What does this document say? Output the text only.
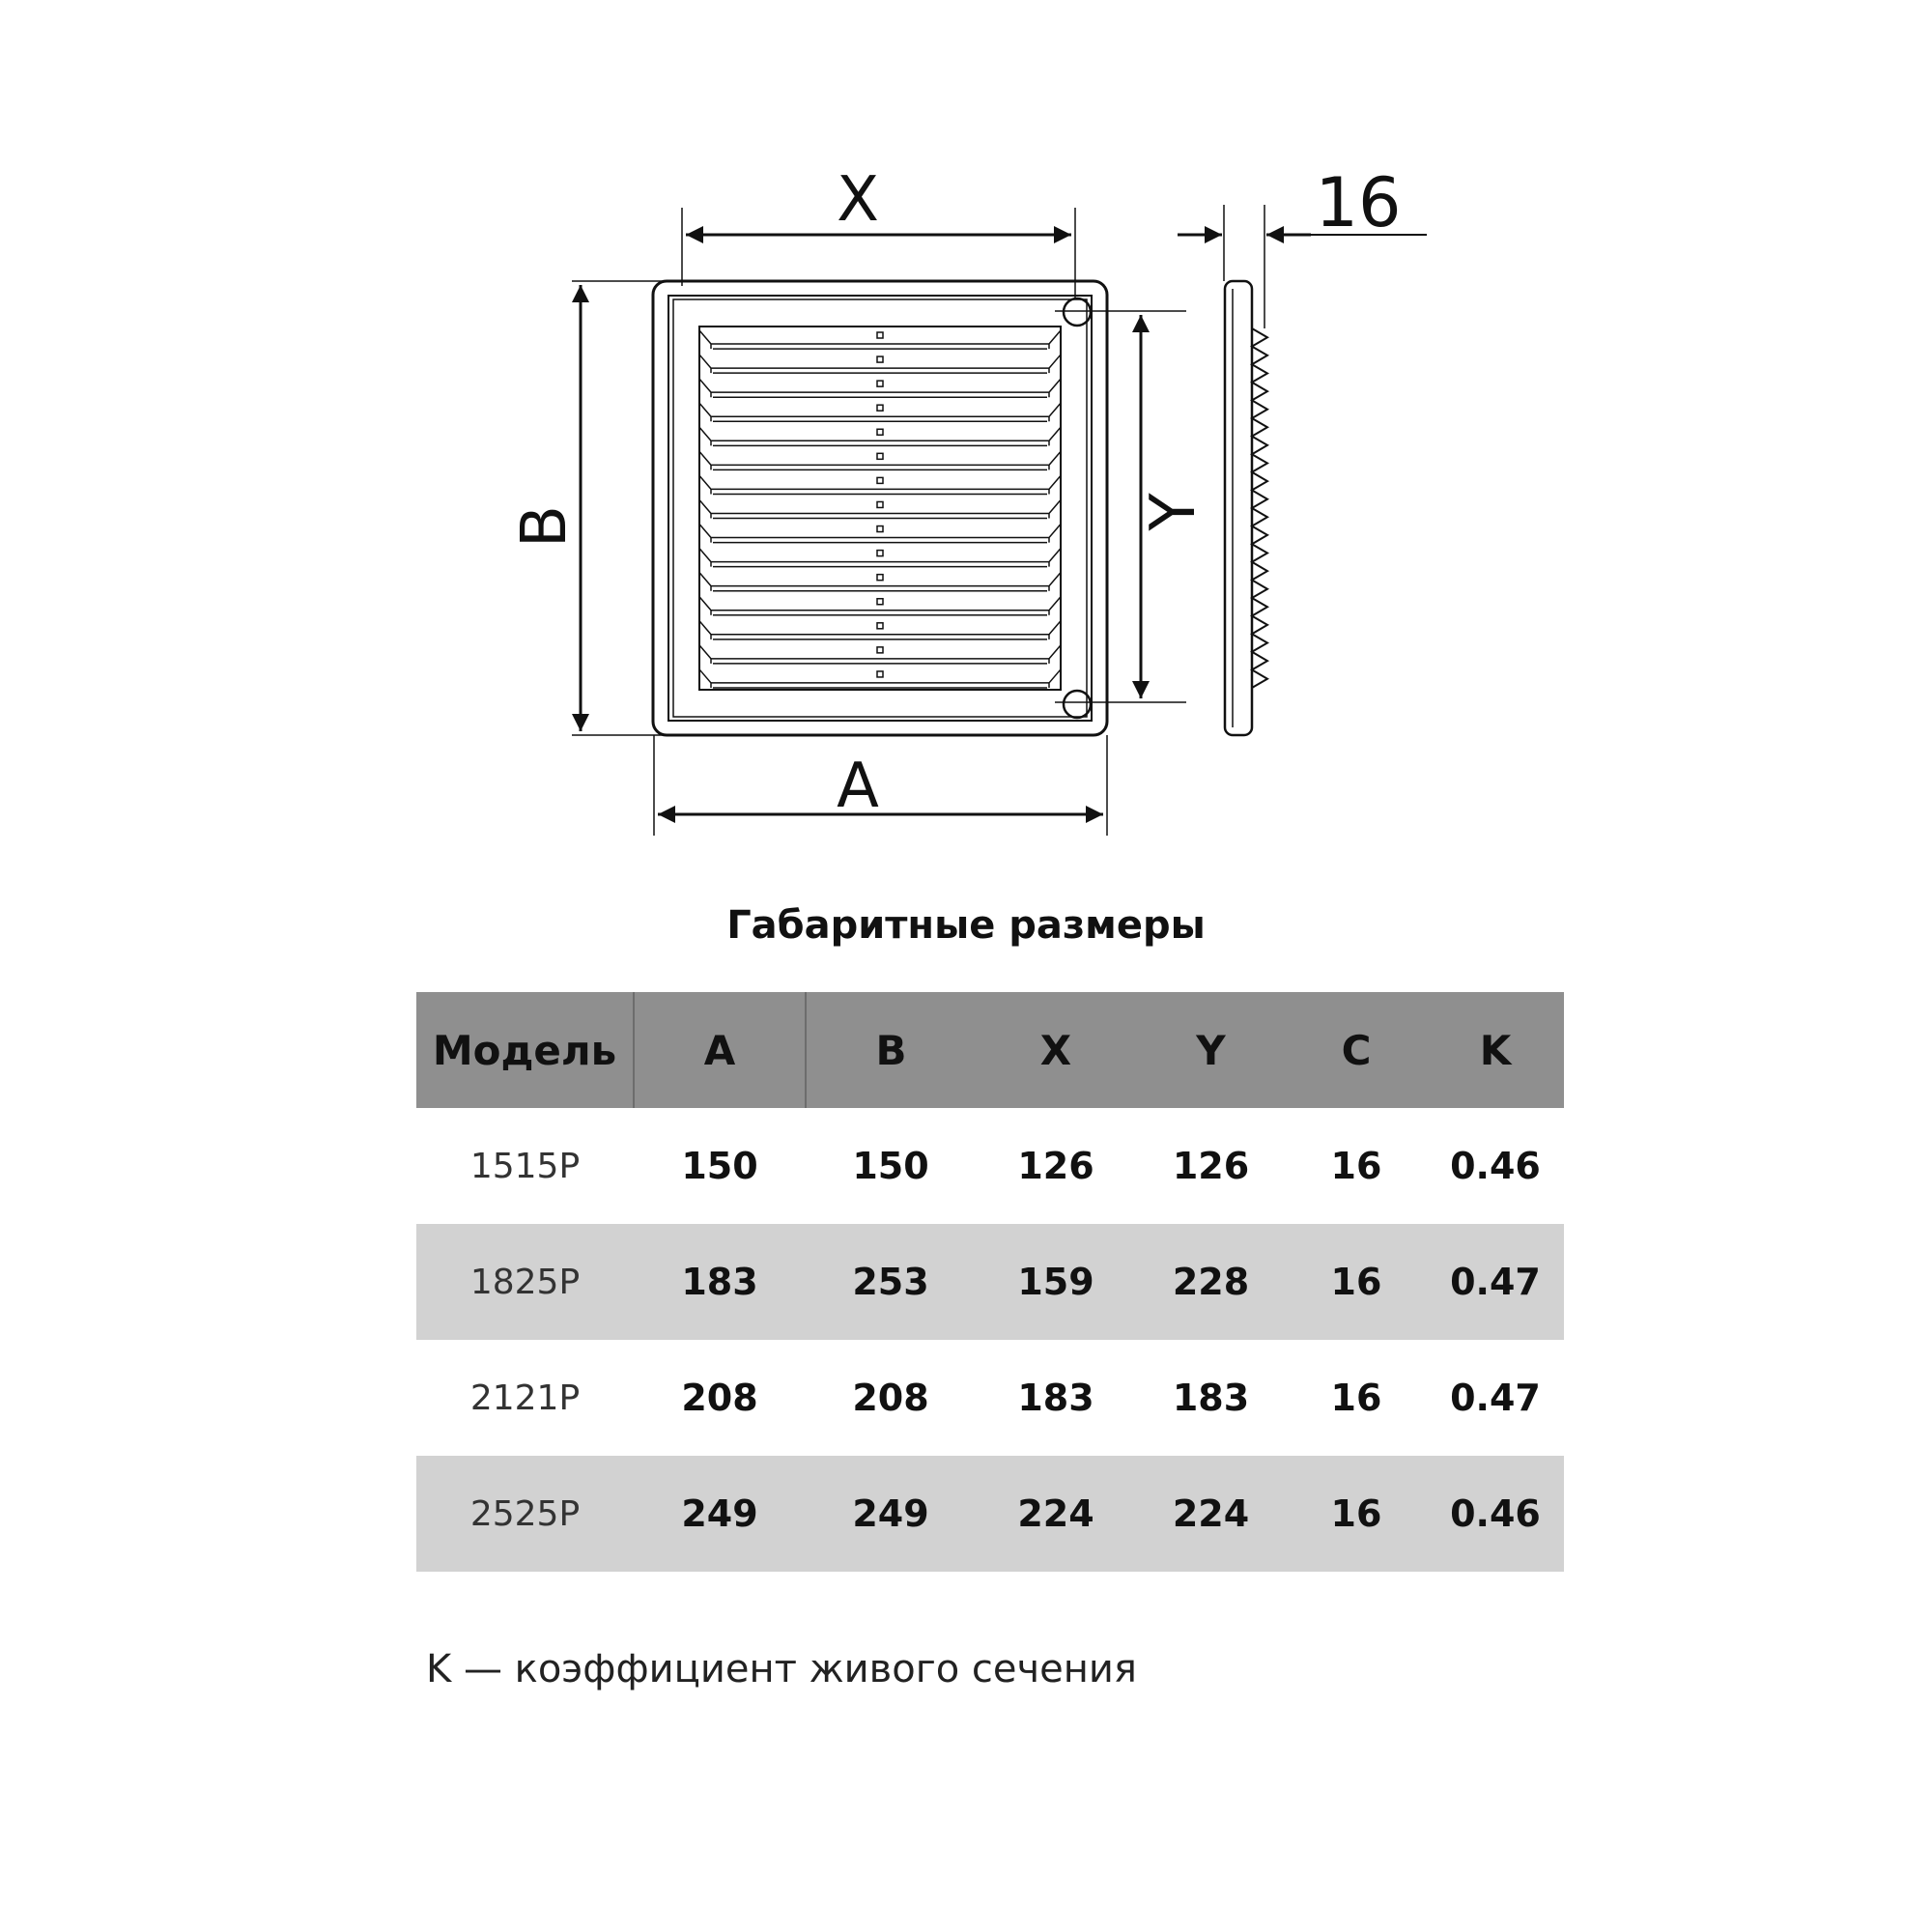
X
A
B	Y
16
Габаритные размеры
Модель	A	B	X	Y	C	K
1515P	150	150	126	126	16	0.46
1825P	183	253	159	228	16	0.47
2121P	208	208	183	183	16	0.47
2525P	249	249	224	224	16	0.46
K — коэффициент живого сечения
